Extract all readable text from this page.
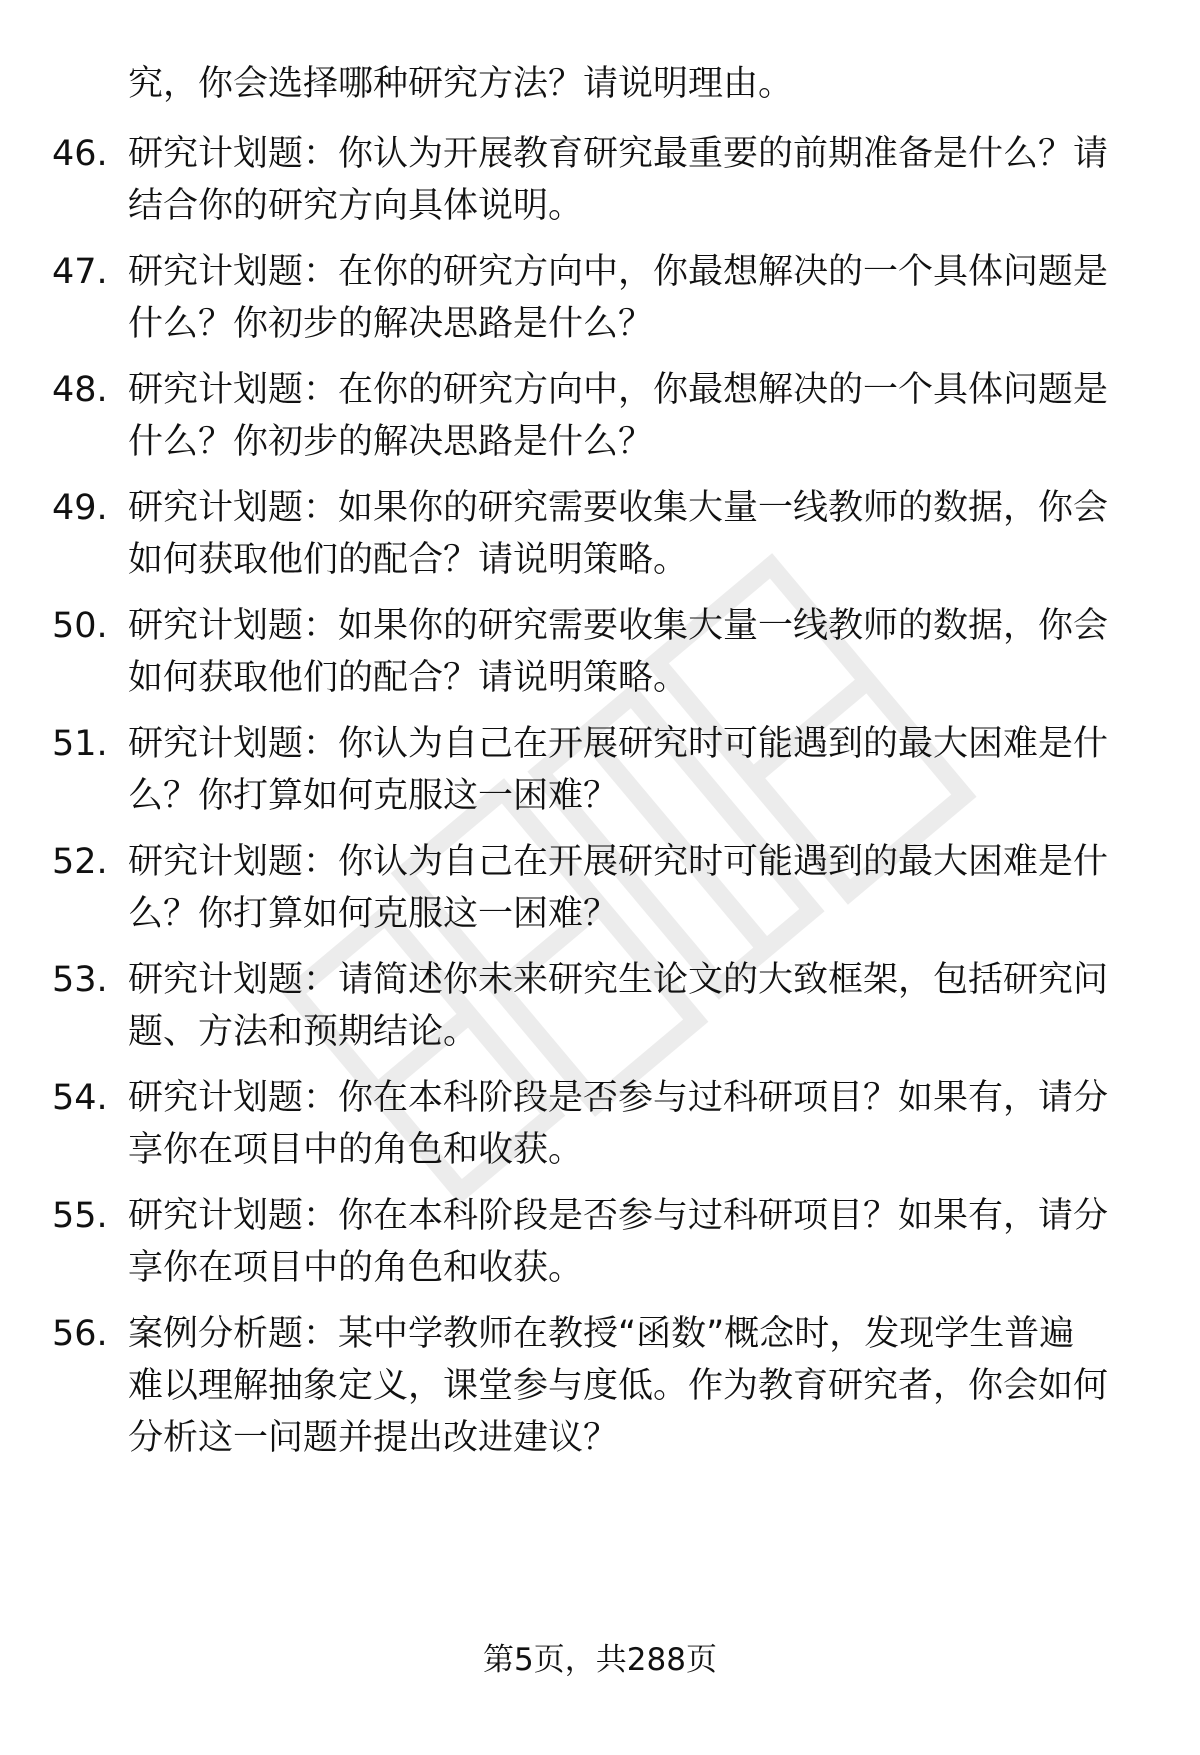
究，你会选择哪种研究方法？请说明理由。
46. 研究计划题：你认为开展教育研究最重要的前期准备是什么？请
结合你的研究方向具体说明。
47. 研究计划题：在你的研究方向中，你最想解决的一个具体问题是
什么？你初步的解决思路是什么？
48. 研究计划题：在你的研究方向中，你最想解决的一个具体问题是
什么？你初步的解决思路是什么？
49. 研究计划题：如果你的研究需要收集大量一线教师的数据，你会
如何获取他们的配合？请说明策略。
50. 研究计划题：如果你的研究需要收集大量一线教师的数据，你会
如何获取他们的配合？请说明策略。
51. 研究计划题：你认为自己在开展研究时可能遇到的最大困难是什
么？你打算如何克服这一困难？
52. 研究计划题：你认为自己在开展研究时可能遇到的最大困难是什
么？你打算如何克服这一困难？
53. 研究计划题：请简述你未来研究生论文的大致框架，包括研究问
题、方法和预期结论。
54. 研究计划题：你在本科阶段是否参与过科研项目？如果有，请分
享你在项目中的角色和收获。
55. 研究计划题：你在本科阶段是否参与过科研项目？如果有，请分
享你在项目中的角色和收获。
56. 案例分析题：某中学教师在教授“函数”概念时，发现学生普遍
难以理解抽象定义，课堂参与度低。作为教育研究者，你会如何
分析这一问题并提出改进建议？
第5页，共288页
